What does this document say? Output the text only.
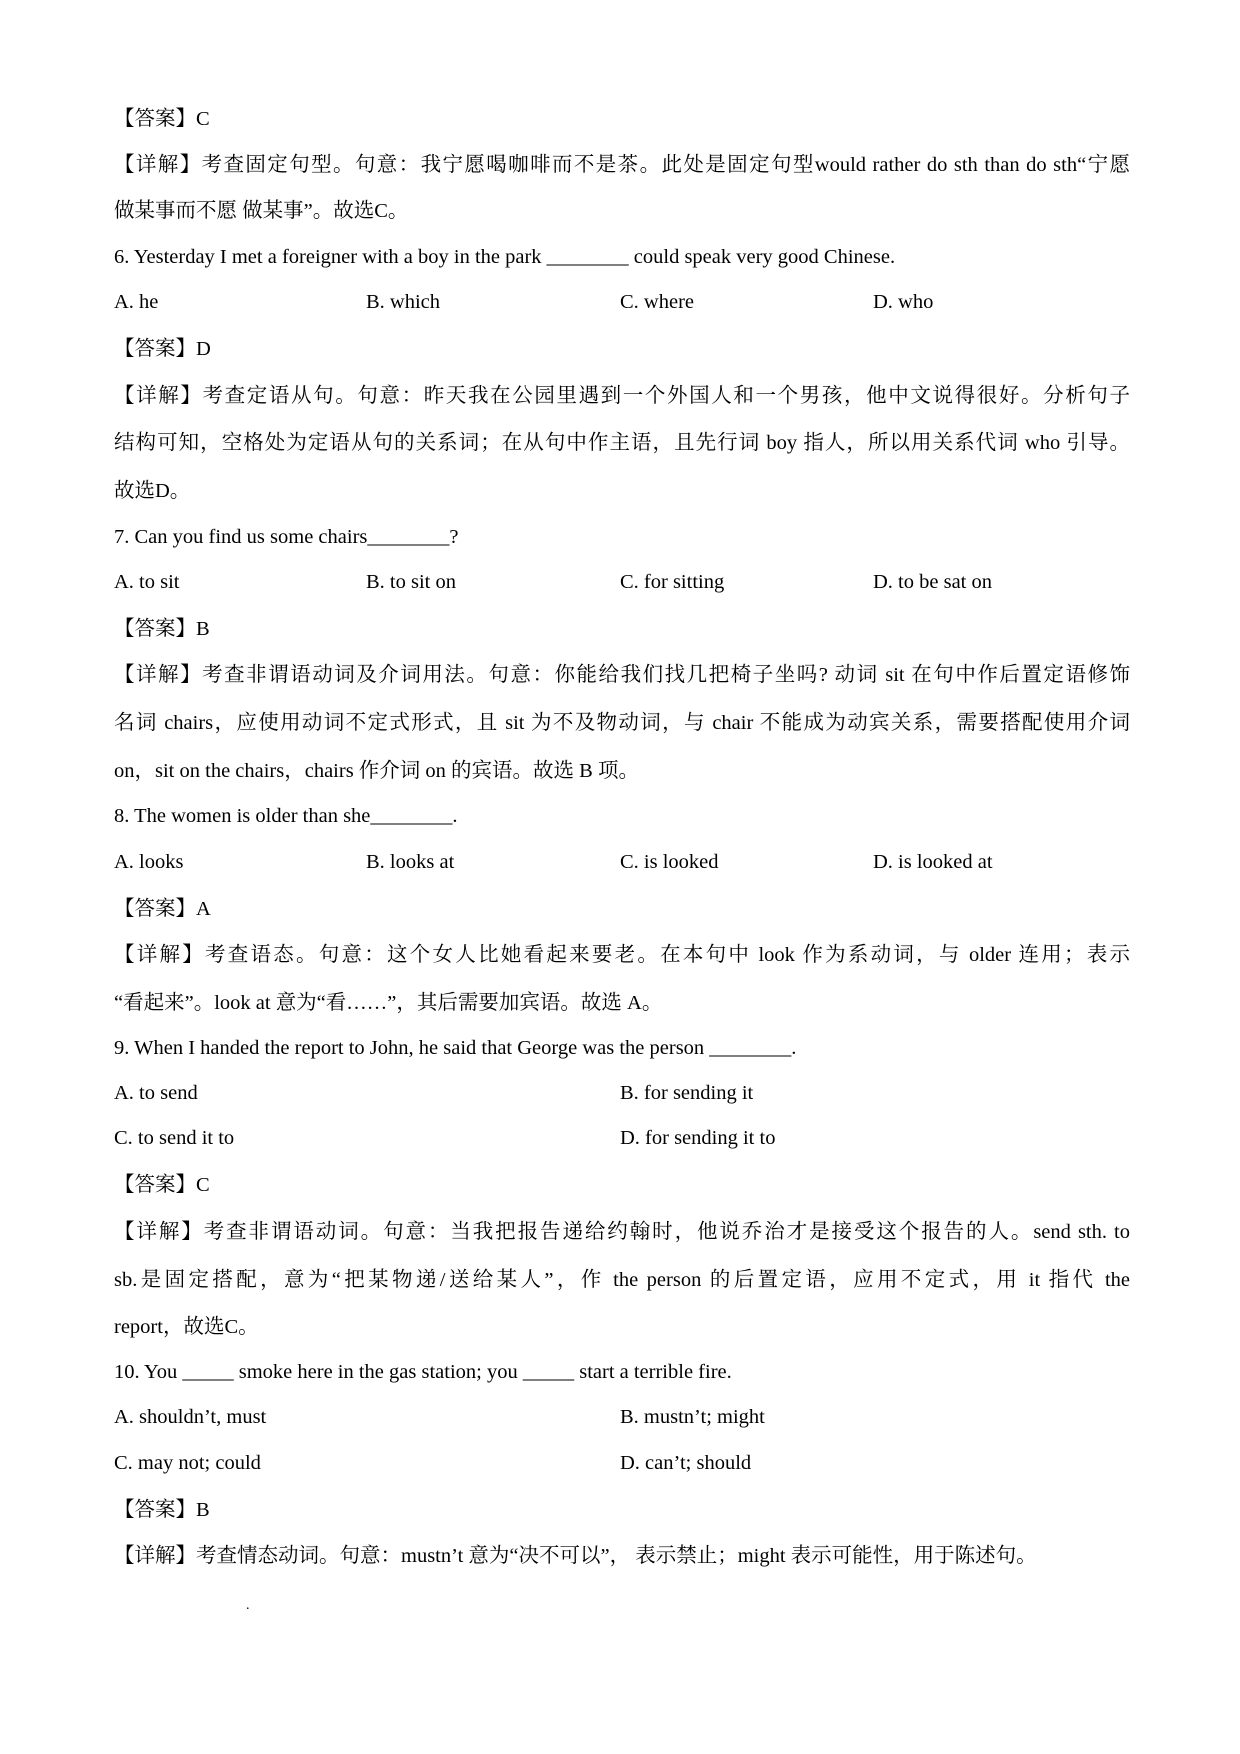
【答案】C
【详解】考查固定句型。句意：我宁愿喝咖啡而不是茶。此处是固定句型would rather do sth than do sth“宁愿
做某事而不愿 做某事”。故选C。
6. Yesterday I met a foreigner with a boy in the park ________ could speak very good Chinese.
A. he	B. which	C. where	D. who
【答案】D
【详解】考查定语从句。句意：昨天我在公园里遇到一个外国人和一个男孩，他中文说得很好。分析句子
结构可知，空格处为定语从句的关系词；在从句中作主语，且先行词 boy 指人，所以用关系代词 who 引导。
故选D。
7. Can you find us some chairs________?
A. to sit	B. to sit on	C. for sitting	D. to be sat on
【答案】B
【详解】考查非谓语动词及介词用法。句意：你能给我们找几把椅子坐吗? 动词 sit 在句中作后置定语修饰
名词 chairs，应使用动词不定式形式，且 sit 为不及物动词，与 chair 不能成为动宾关系，需要搭配使用介词
on，sit on the chairs，chairs 作介词 on 的宾语。故选 B 项。
8. The women is older than she________.
A. looks	B. looks at	C. is looked	D. is looked at
【答案】A
【详解】考查语态。句意：这个女人比她看起来要老。在本句中 look 作为系动词，与 older 连用；表示
“看起来”。look at 意为“看……”，其后需要加宾语。故选 A。
9. When I handed the report to John, he said that George was the person ________.
A. to send	B. for sending it
C. to send it to	D. for sending it to
【答案】C
【详解】考查非谓语动词。句意：当我把报告递给约翰时，他说乔治才是接受这个报告的人。send sth. to
sb.是固定搭配，意为“把某物递/送给某人”，作 the person 的后置定语，应用不定式，用 it 指代 the
report，故选C。
10. You _____ smoke here in the gas station; you _____ start a terrible fire.
A. shouldn’t, must	B. mustn’t; might
C. may not; could	D. can’t; should
【答案】B
【详解】考查情态动词。句意：mustn’t 意为“决不可以”， 表示禁止；might 表示可能性，用于陈述句。
.
